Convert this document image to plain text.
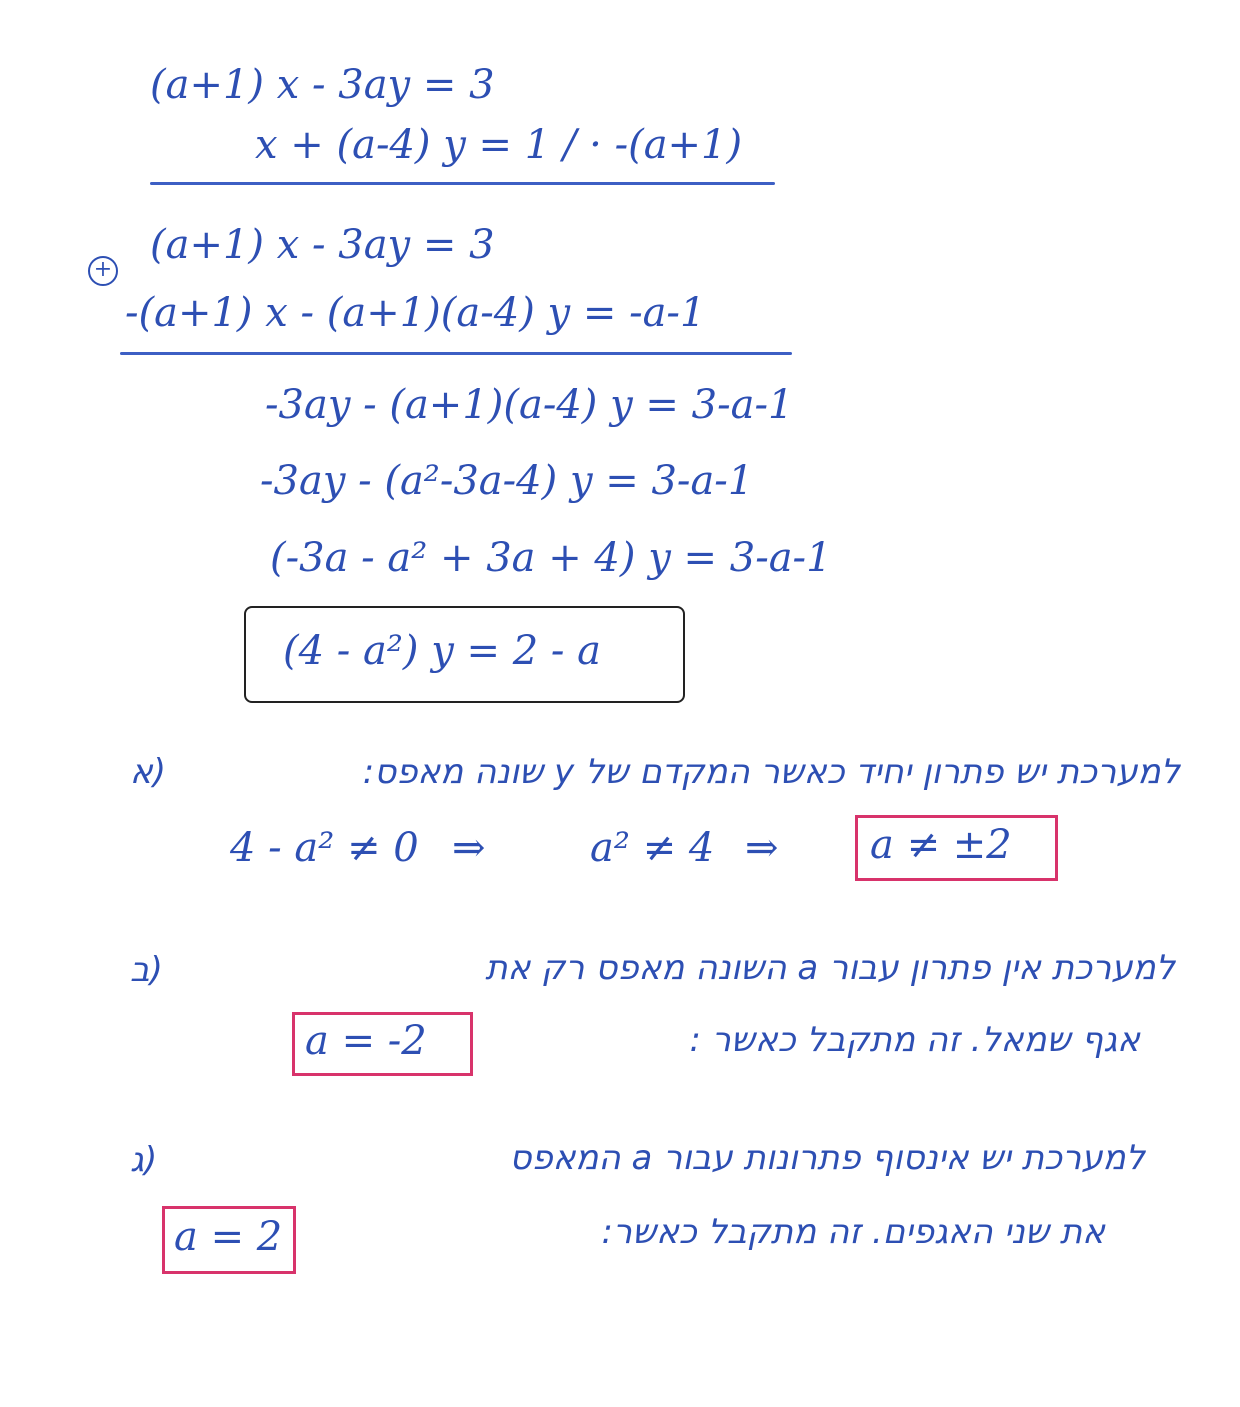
(a+1) x - 3ay = 3
x + (a-4) y = 1 / · -(a+1)
+
(a+1) x - 3ay = 3
-(a+1) x - (a+1)(a-4) y = -a-1
-3ay - (a+1)(a-4) y = 3-a-1
-3ay - (a²-3a-4) y = 3-a-1
(-3a - a² + 3a + 4) y = 3-a-1
(4 - a²) y = 2 - a
א)	למערכת יש פתרון יחיד כאשר המקדם של y שונה מאפס:
4 - a² ≠ 0 ⇒	a² ≠ 4 ⇒ a ≠ ±2
ב)	למערכת אין פתרון עבור a השונה מאפס רק את
אגף שמאל. זה מתקבל כאשר :
a = -2
ג)	למערכת יש אינסוף פתרונות עבור a המאפס
את שני האגפים. זה מתקבל כאשר:
a = 2
